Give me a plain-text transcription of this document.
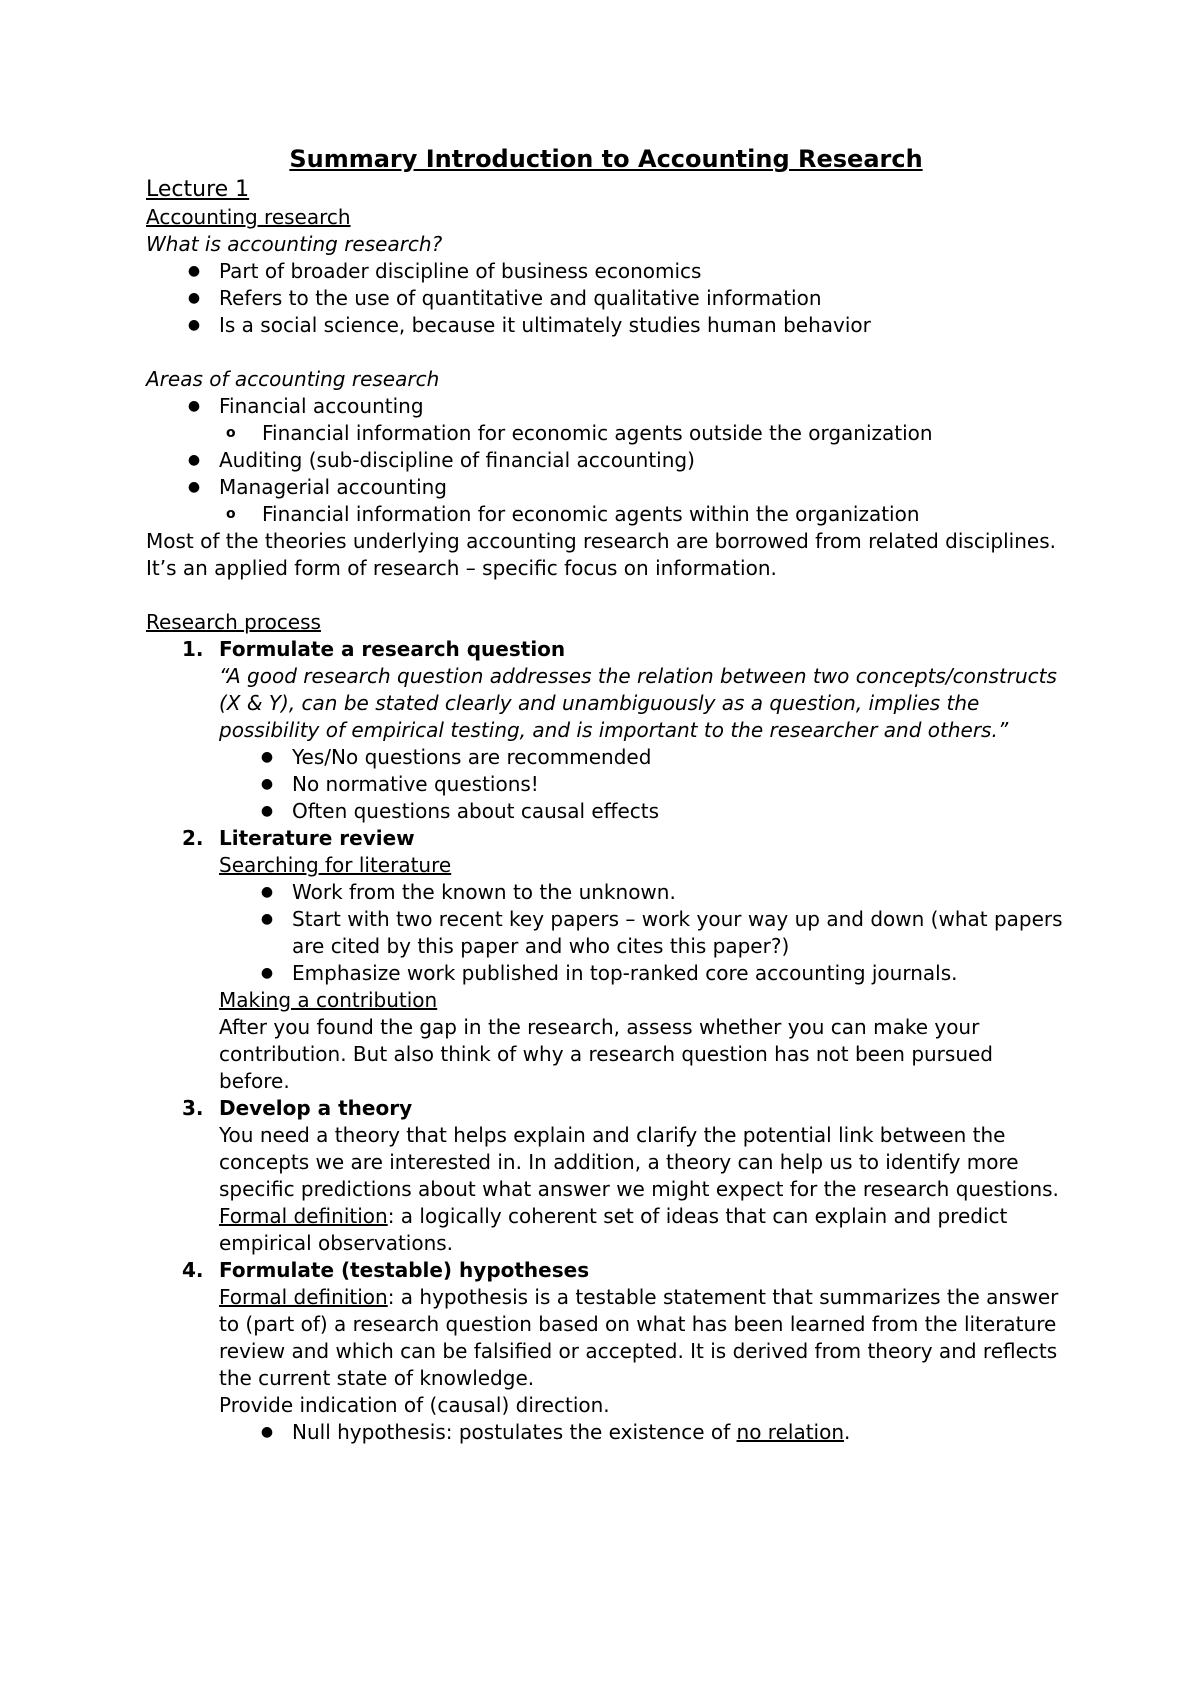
Summary Introduction to Accounting Research
Lecture 1
Accounting research
What is accounting research?
● Part of broader discipline of business economics
● Refers to the use of quantitative and qualitative information
● Is a social science, because it ultimately studies human behavior
Areas of accounting research
● Financial accounting
o Financial information for economic agents outside the organization
● Auditing (sub-discipline of financial accounting)
● Managerial accounting
o Financial information for economic agents within the organization
Most of the theories underlying accounting research are borrowed from related disciplines. It’s an applied form of research – specific focus on information.
Research process
1. Formulate a research question
“A good research question addresses the relation between two concepts/constructs (X & Y), can be stated clearly and unambiguously as a question, implies the possibility of empirical testing, and is important to the researcher and others.”
● Yes/No questions are recommended
● No normative questions!
● Often questions about causal effects
2. Literature review
Searching for literature
● Work from the known to the unknown.
● Start with two recent key papers – work your way up and down (what papers are cited by this paper and who cites this paper?)
● Emphasize work published in top-ranked core accounting journals.
Making a contribution
After you found the gap in the research, assess whether you can make your contribution. But also think of why a research question has not been pursued before.
3. Develop a theory
You need a theory that helps explain and clarify the potential link between the concepts we are interested in. In addition, a theory can help us to identify more specific predictions about what answer we might expect for the research questions.
Formal definition: a logically coherent set of ideas that can explain and predict empirical observations.
4. Formulate (testable) hypotheses
Formal definition: a hypothesis is a testable statement that summarizes the answer to (part of) a research question based on what has been learned from the literature review and which can be falsified or accepted. It is derived from theory and reflects the current state of knowledge.
Provide indication of (causal) direction.
● Null hypothesis: postulates the existence of no relation.
